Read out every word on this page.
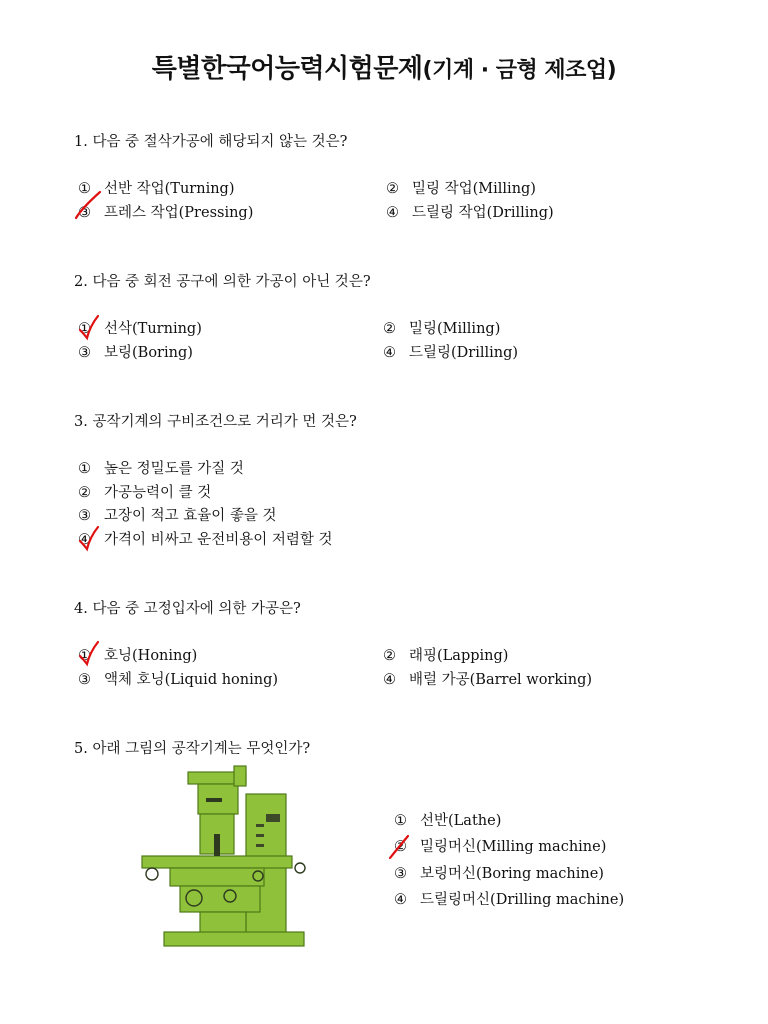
특별한국어능력시험문제(기계 · 금형 제조업)
1. 다음 중 절삭가공에 해당되지 않는 것은?
① 선반 작업(Turning)	② 밀링 작업(Milling)
③ 프레스 작업(Pressing)	④ 드릴링 작업(Drilling)
2. 다음 중 회전 공구에 의한 가공이 아닌 것은?
① 선삭(Turning)	② 밀링(Milling)
③ 보링(Boring)	④ 드릴링(Drilling)
3. 공작기계의 구비조건으로 거리가 먼 것은?
① 높은 정밀도를 가질 것
② 가공능력이 클 것
③ 고장이 적고 효율이 좋을 것
④ 가격이 비싸고 운전비용이 저렴할 것
4. 다음 중 고정입자에 의한 가공은?
① 호닝(Honing)	② 래핑(Lapping)
③ 액체 호닝(Liquid honing)	④ 배럴 가공(Barrel working)
5. 아래 그림의 공작기계는 무엇인가?
① 선반(Lathe)
② 밀링머신(Milling machine)
③ 보링머신(Boring machine)
④ 드릴링머신(Drilling machine)
